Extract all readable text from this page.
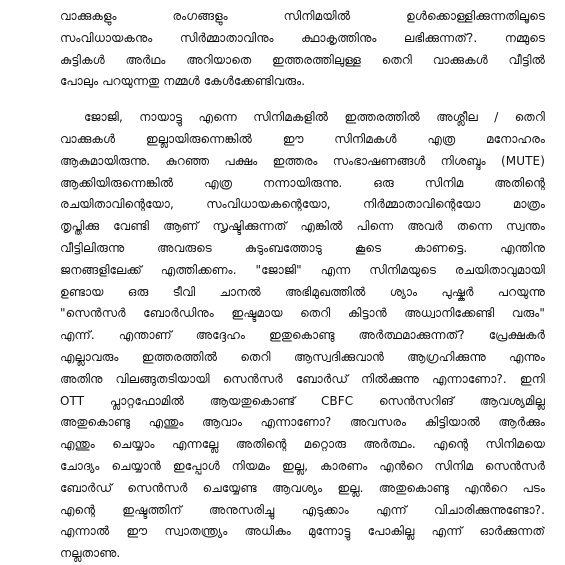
വാക്കുകളും രംഗങ്ങളും സിനിമയിൽ ഉൾക്കൊള്ളിക്കുന്നതിലൂടെ
സംവിധായകനും സിർമ്മാതാവിനും ക്ഥാകൃത്തിനും ലഭിക്കുന്നത്?. നമ്മുടെ
കുട്ടികൾ അർഥം അറിയാതെ ഇത്തരത്തിലുള്ള തെറി വാക്കുകൾ വീട്ടിൽ
പോലും പറയുന്നതു നമ്മൾ കേൾക്കേണ്ടിവരും.
ജോജി, നായാട്ടു എന്നെ സിനിമകളിൽ ഇത്തരത്തിൽ അശ്ലീല / തെറി
വാക്കുകൾ ഇല്ലായിരുന്നെങ്കിൽ ഈ സിനിമകൾ എത്ര മനോഹരം
ആകുമായിരുന്നു. കുറഞ്ഞ പക്ഷം ഇത്തരം സംഭാഷണങ്ങൾ നിശബ്ദം (MUTE)
ആക്കിയിരുന്നെങ്കിൽ എത്ര നന്നായിരുന്നു. ഒരു സിനിമ അതിന്റെ
രചയിതാവിന്റെയോ, സംവിധായകന്റെയോ, നിർമ്മാതാവിന്റെയോ മാത്രം
തൃപ്തിക്കു വേണ്ടി ആണ് സൃഷ്ടിക്കുന്നത് എങ്കിൽ പിന്നെ അവർ തന്നെ സ്വന്തം
വീട്ടിലിരുന്നു അവരുടെ കുടുംബത്തോടു കൂടെ കാണട്ടെ. എന്തിനു
ജനങ്ങളിലേക്ക് എത്തിക്കണം. "ജോജി" എന്ന സിനിമയുടെ രചയിതാവുമായി
ഉണ്ടായ ഒരു ടീവി ചാനൽ അഭിമുഖത്തിൽ ശ്യാം പുഷ്കർ പറയുന്നു
"സെൻസർ ബോർഡിനും ഇഷ്ടമായ തെറി കിട്ടാൻ അധ്വാനിക്കേണ്ടി വരും"
എന്ന്. എന്താണ് അദ്ദേഹം ഇതുകൊണ്ടു അർത്ഥമാക്കുന്നത്? പ്രേക്ഷകർ
എല്ലാവരും ഇത്തരത്തിൽ തെറി ആസ്വദിക്കുവാൻ ആഗ്രഹിക്കുന്നു എന്നും
അതിനു വിലങ്ങുതടിയായി സെൻസർ ബോർഡ് നിൽക്കുന്നു എന്നാണോ?. ഇനി
OTT പ്ലാറ്റഫോമിൽ ആയതുകൊണ്ട് CBFC സെൻസറിങ് ആവശ്യമില്ല
അതുകൊണ്ടു എന്തും ആവാം എന്നാണോ? അവസരം കിട്ടിയാൽ ആർക്കും
എന്തും ചെയ്യാം എന്നല്ലേ അതിന്റെ മറ്റൊരു അർത്ഥം. എന്റെ സിനിമയെ
ചോദ്യം ചെയ്യാൻ ഇപ്പോൾ നിയമം ഇല്ല, കാരണം എൻറെ സിനിമ സെൻസർ
ബോർഡ് സെൻസർ ചെയ്യേണ്ട ആവശ്യം ഇല്ല. അതുകൊണ്ടു എൻറെ പടം
എന്റെ ഇഷ്ടത്തിന് അനുസരിച്ചു എടുക്കാം എന്ന് വിചാരിക്കുന്നുണ്ടോ?.
എന്നാൽ ഈ സ്വാതന്ത്ര്യം അധികം മുന്നോട്ടു പോകില്ല എന്ന് ഓർക്കുന്നത്
നല്ലതാണു.
